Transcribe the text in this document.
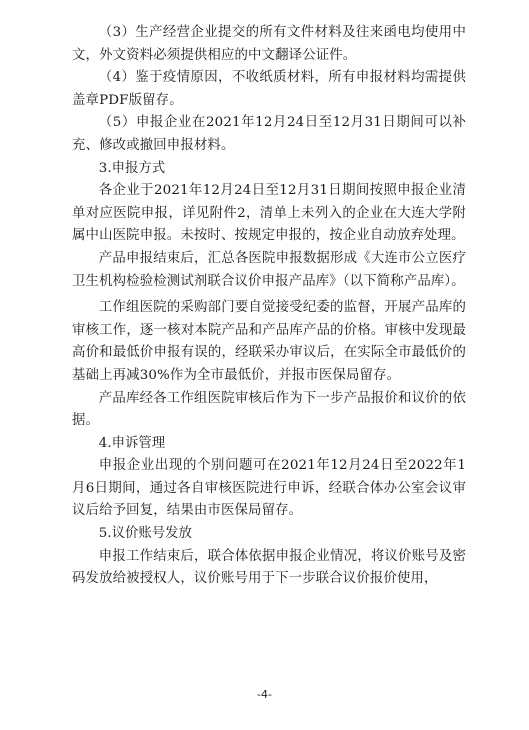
（3）生产经营企业提交的所有文件材料及往来函电均使用中文，外文资料必须提供相应的中文翻译公证件。

（4）鉴于疫情原因，不收纸质材料，所有申报材料均需提供盖章PDF版留存。

（5）申报企业在2021年12月24日至12月31日期间可以补充、修改或撤回申报材料。

3.申报方式

各企业于2021年12月24日至12月31日期间按照申报企业清单对应医院申报，详见附件2，清单上未列入的企业在大连大学附属中山医院申报。未按时、按规定申报的，按企业自动放弃处理。

产品申报结束后，汇总各医院申报数据形成《大连市公立医疗卫生机构检验检测试剂联合议价申报产品库》（以下简称产品库）。

工作组医院的采购部门要自觉接受纪委的监督，开展产品库的审核工作，逐一核对本院产品和产品库产品的价格。审核中发现最高价和最低价申报有误的，经联采办审议后，在实际全市最低价的基础上再减30%作为全市最低价，并报市医保局留存。

产品库经各工作组医院审核后作为下一步产品报价和议价的依据。

4.申诉管理

申报企业出现的个别问题可在2021年12月24日至2022年1月6日期间，通过各自审核医院进行申诉，经联合体办公室会议审议后给予回复，结果由市医保局留存。

5.议价账号发放

申报工作结束后，联合体依据申报企业情况，将议价账号及密码发放给被授权人，议价账号用于下一步联合议价报价使用，

-4-
